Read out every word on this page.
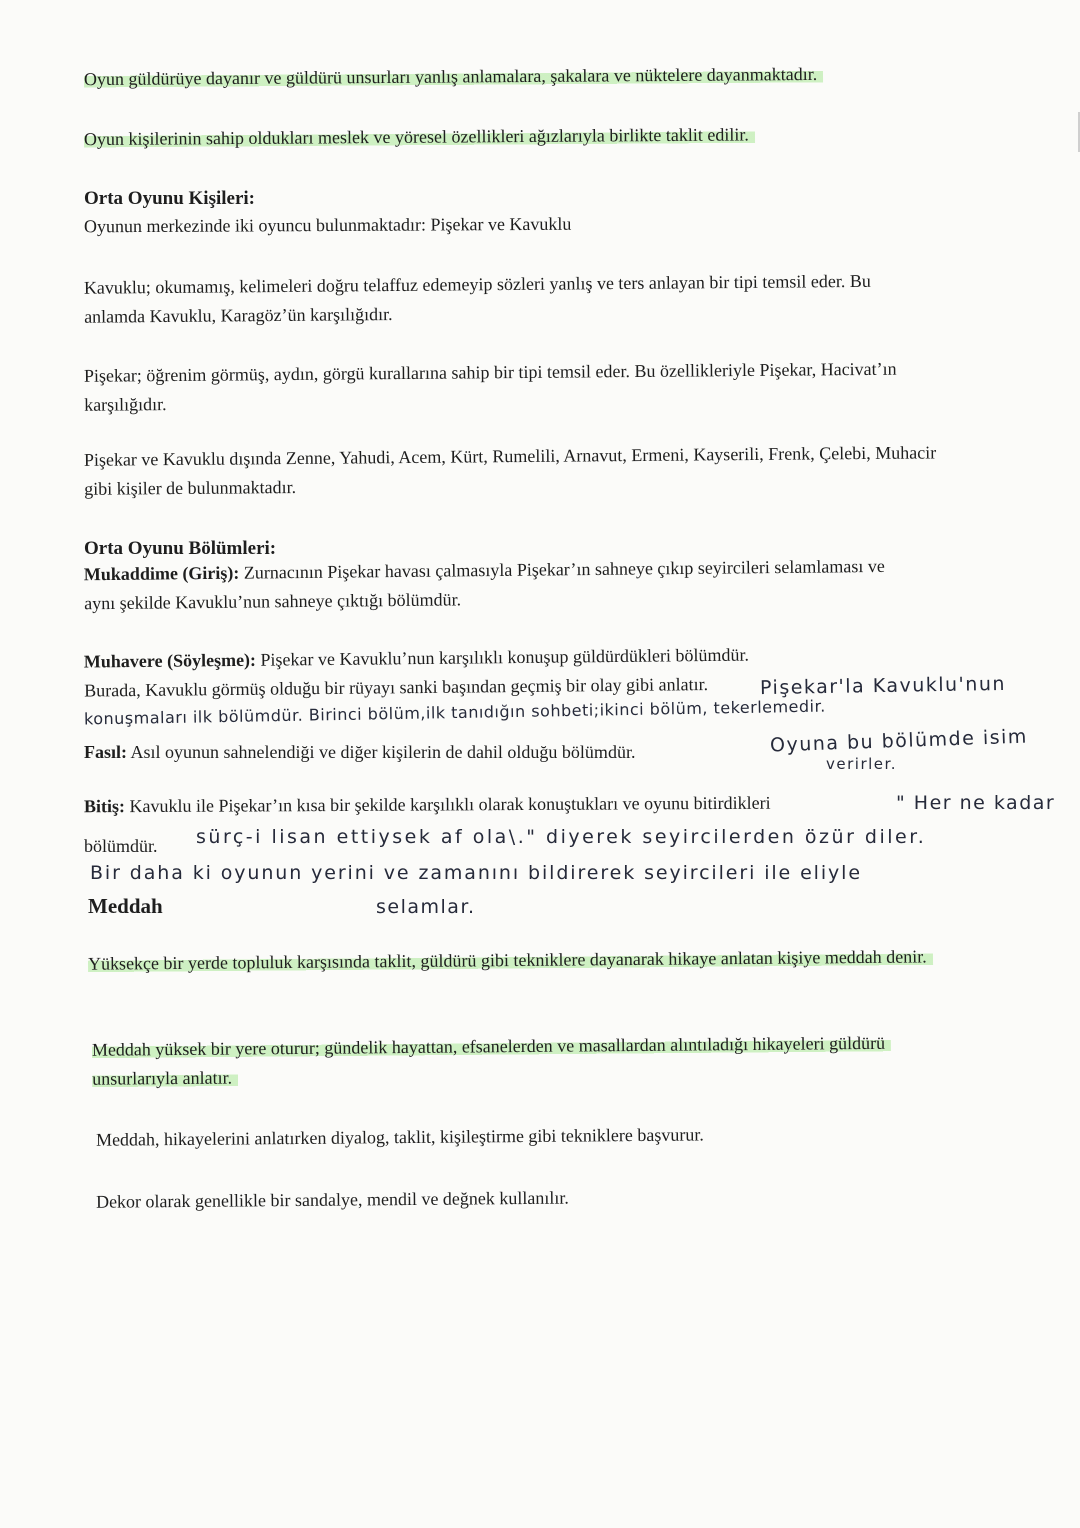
Oyun güldürüye dayanır ve güldürü unsurları yanlış anlamalara, şakalara ve nüktelere dayanmaktadır.

Oyun kişilerinin sahip oldukları meslek ve yöresel özellikleri ağızlarıyla birlikte taklit edilir.

Orta Oyunu Kişileri:

Oyunun merkezinde iki oyuncu bulunmaktadır: Pişekar ve Kavuklu

Kavuklu; okumamış, kelimeleri doğru telaffuz edemeyip sözleri yanlış ve ters anlayan bir tipi temsil eder. Bu anlamda Kavuklu, Karagöz’ün karşılığıdır.

Pişekar; öğrenim görmüş, aydın, görgü kurallarına sahip bir tipi temsil eder. Bu özellikleriyle Pişekar, Hacivat’ın karşılığıdır.

Pişekar ve Kavuklu dışında Zenne, Yahudi, Acem, Kürt, Rumelili, Arnavut, Ermeni, Kayserili, Frenk, Çelebi, Muhacir gibi kişiler de bulunmaktadır.

Orta Oyunu Bölümleri:

Mukaddime (Giriş): Zurnacının Pişekar havası çalmasıyla Pişekar’ın sahneye çıkıp seyircileri selamlaması ve aynı şekilde Kavuklu’nun sahneye çıktığı bölümdür.

Muhavere (Söyleşme): Pişekar ve Kavuklu’nun karşılıklı konuşup güldürdükleri bölümdür. Burada, Kavuklu görmüş olduğu bir rüyayı sanki başından geçmiş bir olay gibi anlatır.	Pişekar'la Kavuklu'nun
konuşmaları ilk bölümdür. Birinci bölüm,ilk tanıdığın sohbeti;ikinci bölüm, tekerlemedir.

Fasıl: Asıl oyunun sahnelendiği ve diğer kişilerin de dahil olduğu bölümdür.	Oyuna bu bölümde isim
verirler.

Bitiş: Kavuklu ile Pişekar’ın kısa bir şekilde karşılıklı olarak konuştukları ve oyunu bitirdikleri

bölümdür.

" Her ne kadar
sürç-i lisan ettiysek af ola\." diyerek seyircilerden özür diler.
Bir daha ki oyunun yerini ve zamanını bildirerek seyircileri ile eliyle
selamlar.

Meddah

Yüksekçe bir yerde topluluk karşısında taklit, güldürü gibi tekniklere dayanarak hikaye anlatan kişiye meddah denir.

Meddah yüksek bir yere oturur; gündelik hayattan, efsanelerden ve masallardan alıntıladığı hikayeleri güldürü unsurlarıyla anlatır.

Meddah, hikayelerini anlatırken diyalog, taklit, kişileştirme gibi tekniklere başvurur.

Dekor olarak genellikle bir sandalye, mendil ve değnek kullanılır.
